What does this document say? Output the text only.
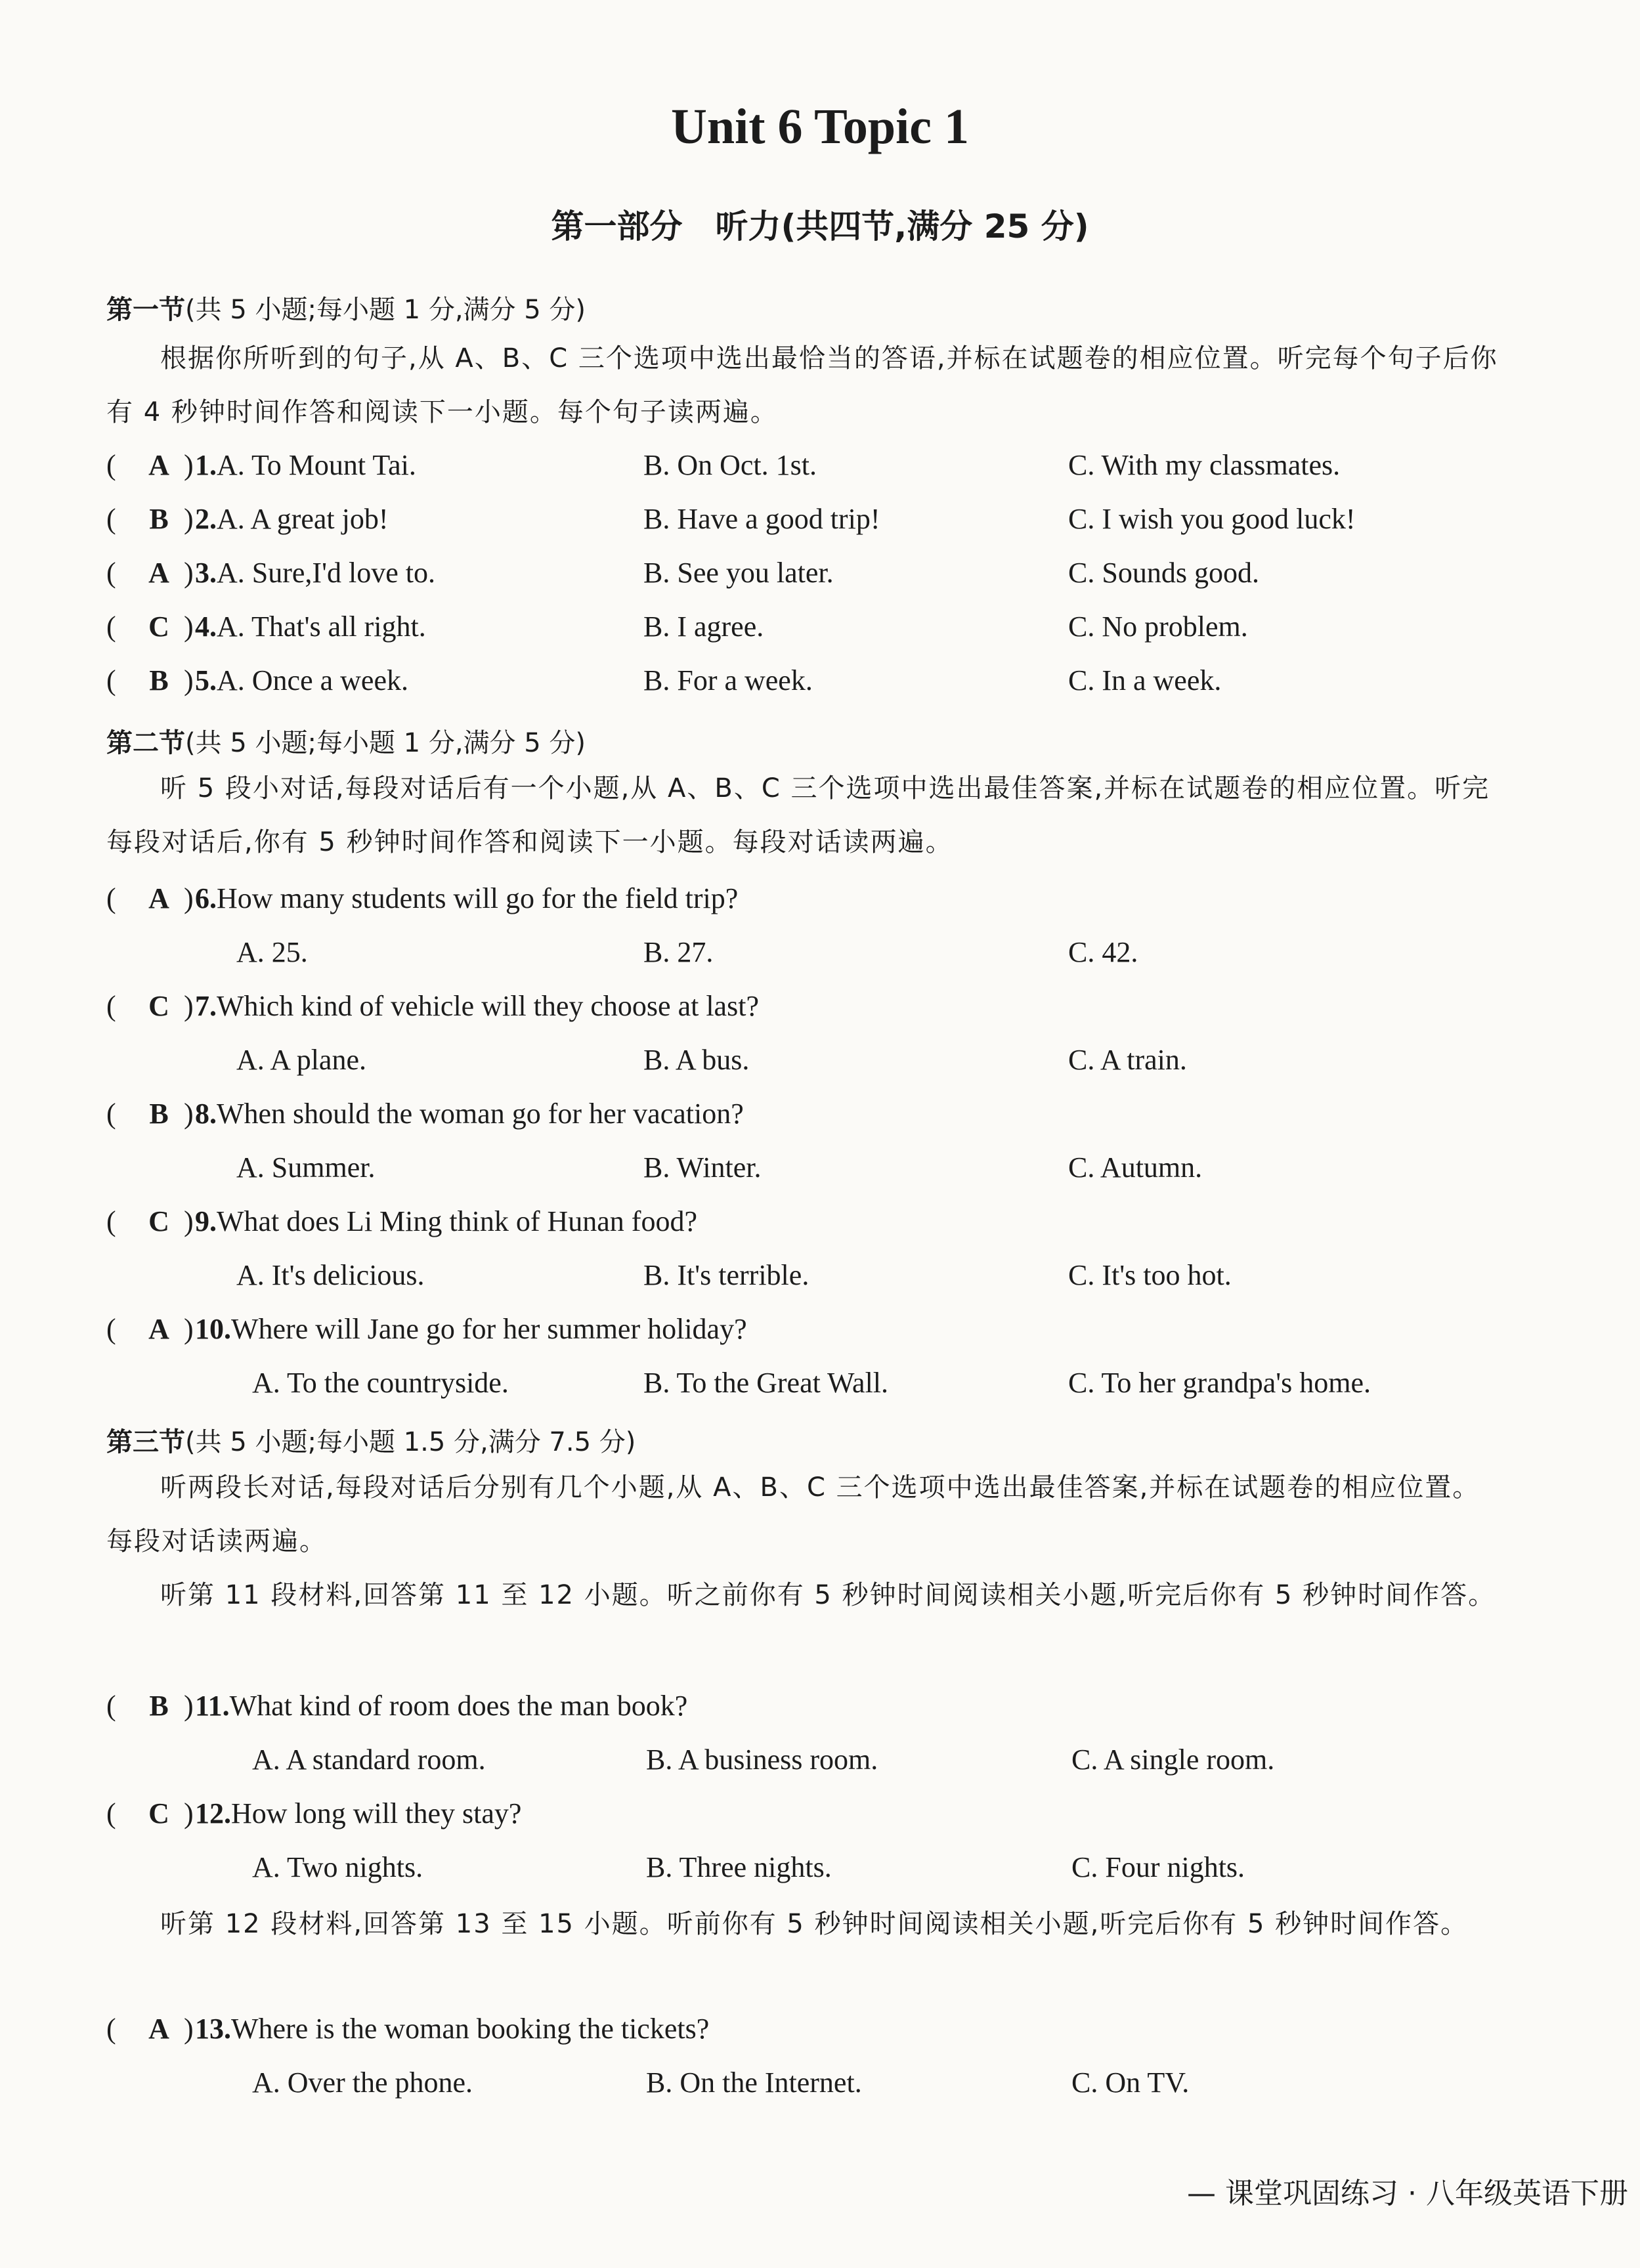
Unit 6 Topic 1
第一部分　听力(共四节,满分 25 分)
第一节(共 5 小题;每小题 1 分,满分 5 分)
根据你所听到的句子,从 A、B、C 三个选项中选出最恰当的答语,并标在试题卷的相应位置。听完每个句子后你有 4 秒钟时间作答和阅读下一小题。每个句子读两遍。
(	A ) 1.A. To Mount Tai.	B. On Oct. 1st.	C. With my classmates.
(	B ) 2.A. A great job!	B. Have a good trip!	C. I wish you good luck!
(	A ) 3.A. Sure,I'd love to.	B. See you later.	C. Sounds good.
(	C ) 4.A. That's all right.	B. I agree.	C. No problem.
(	B ) 5.A. Once a week.	B. For a week.	C. In a week.
第二节(共 5 小题;每小题 1 分,满分 5 分)
听 5 段小对话,每段对话后有一个小题,从 A、B、C 三个选项中选出最佳答案,并标在试题卷的相应位置。听完每段对话后,你有 5 秒钟时间作答和阅读下一小题。每段对话读两遍。
(	A ) 6.How many students will go for the field trip?
A. 25.	B. 27.	C. 42.
(	C ) 7.Which kind of vehicle will they choose at last?
A. A plane.	B. A bus.	C. A train.
(	B ) 8.When should the woman go for her vacation?
A. Summer.	B. Winter.	C. Autumn.
(	C ) 9.What does Li Ming think of Hunan food?
A. It's delicious.	B. It's terrible.	C. It's too hot.
(	A ) 10.Where will Jane go for her summer holiday?
A. To the countryside.	B. To the Great Wall.	C. To her grandpa's home.
第三节(共 5 小题;每小题 1.5 分,满分 7.5 分)
听两段长对话,每段对话后分别有几个小题,从 A、B、C 三个选项中选出最佳答案,并标在试题卷的相应位置。每段对话读两遍。
听第 11 段材料,回答第 11 至 12 小题。听之前你有 5 秒钟时间阅读相关小题,听完后你有 5 秒钟时间作答。
(	B ) 11.What kind of room does the man book?
A. A standard room.	B. A business room.	C. A single room.
(	C ) 12.How long will they stay?
A. Two nights.	B. Three nights.	C. Four nights.
听第 12 段材料,回答第 13 至 15 小题。听前你有 5 秒钟时间阅读相关小题,听完后你有 5 秒钟时间作答。
(	A ) 13.Where is the woman booking the tickets?
A. Over the phone.	B. On the Internet.	C. On TV.
— 课堂巩固练习 · 八年级英语下册
